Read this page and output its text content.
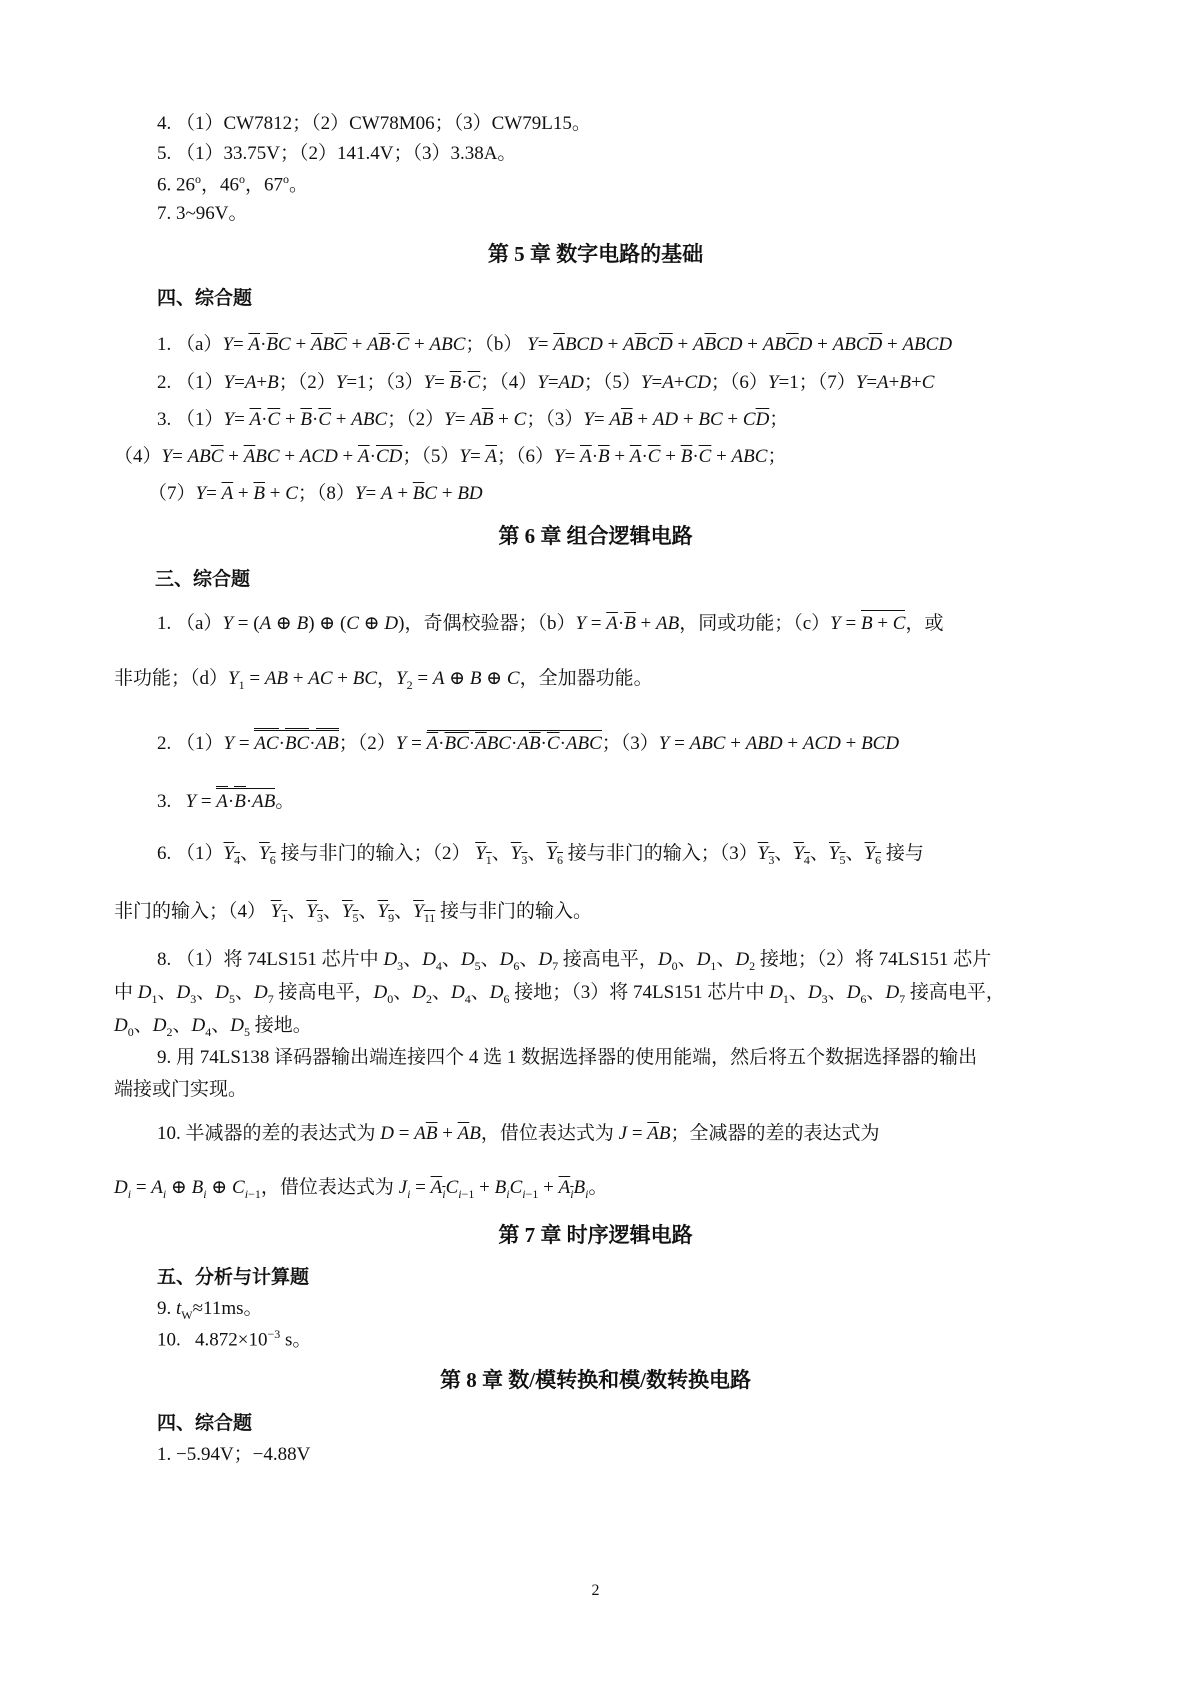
4. （1）CW7812；（2）CW78M06；（3）CW79L15。
5. （1）33.75V；（2）141.4V；（3）3.38A。
6. 26$^o$，46$^o$，67$^o$。
7. 3~96V。
第 5 章 数字电路的基础
四、综合题
1. $(a)Y= \overline{A}\cdot\overline{B}C + \overline{A}B\overline{C} + A\overline{B}\cdot\overline{C}$ + ABC；（b） $Y= \overline{A}BCD + A\overline{B}C\overline{D} + A\overline{B}CD + AB\overline{C}D + ABC\overline{D}$ + ABCD
2. （1）Y=A+B；（2）Y=1；$(3)Y= \overline{B}\cdot\overline{C}$；（4）Y=AD；（5）Y=A+CD；（6）Y=1；（7）Y=A+B+C
3. $(1)Y= \overline{A}\cdot\overline{C} + \overline{B}\cdot\overline{C}$ + ABC；$(2)Y= A\overline{B} + C$；$(3)Y= A\overline{B}$ + AD + BC + $C\overline{D}$；
$(4)Y= AB\overline{C} + \overline{A}BC$ + ACD + $\overline{A}\cdot\overline{CD}$；$(5)Y= \overline{A}$；$(6)Y= \overline{A}\cdot\overline{B} + \overline{A}\cdot\overline{C} + \overline{B}\cdot\overline{C}$ + ABC；
$(7)Y= \overline{A} + \overline{B} + C$；$(8)Y= A + \overline{B}C$ + BD
第 6 章 组合逻辑电路
三、综合题
1. （a）Y = (A ⊕ B) ⊕ (C ⊕ D)，奇偶校验器；$(b)Y = \overline{A}\cdot\overline{B}$ + AB，同或功能；（c）Y = B + C，或
非功能；$(d)Y_1$ = AB + AC + BC，$Y_2 = A$ ⊕ B ⊕ C，全加器功能。
2. （1）Y = AC·BC·AB；$(2)Y = \overline{A}\cdot\overline{BC}\cdot\overline{A}BC\cdot A\overline{B}\cdot\overline{C}\cdot ABC$；（3）Y = ABC + ABD + ACD + BCD
3.   Y = A·B·AB。
6. $(1)Y_4$、$Y_6$ 接与非门的输入；（2） $Y_1$、$Y_3$、$Y_6$ 接与非门的输入；$(3)Y_3$、$Y_4$、$Y_5$、$Y_6$ 接与
非门的输入；（4） $Y_1$、$Y_3$、$Y_5$、$Y_9$、$Y_{11}$ 接与非门的输入。
8. （1）将 74LS151 芯片中 $D_3$、$D_4$、$D_5$、$D_6$、$D_7$ 接高电平，$D_0$、$D_1$、$D_2$ 接地；（2）将 74LS151 芯片
中 $D_1$、$D_3$、$D_5$、$D_7$ 接高电平，$D_0$、$D_2$、$D_4$、$D_6$ 接地；（3）将 74LS151 芯片中 $D_1$、$D_3$、$D_6$、$D_7$ 接高电平，
$D_0$、$D_2$、$D_4$、$D_5$ 接地。
9. 用 74LS138 译码器输出端连接四个 4 选 1 数据选择器的使用能端，然后将五个数据选择器的输出
端接或门实现。
10. 半减器的差的表达式为 $D = A\overline{B} + \overline{A}B$，借位表达式为 $J = \overline{A}B$；全减器的差的表达式为
$D_i = A_i$ ⊕ $B_i$ ⊕ $C_{i-1}$，借位表达式为 $J_i = A_iC_{i-1} + B_iC_{i-1} + A_iB_i$。
第 7 章 时序逻辑电路
五、分析与计算题
9. $t_W\approx 11ms$。
10.   $4.872\times 10^{-3}$ s。
第 8 章 数/模转换和模/数转换电路
四、综合题
1. −5.94V；−4.88V
2
